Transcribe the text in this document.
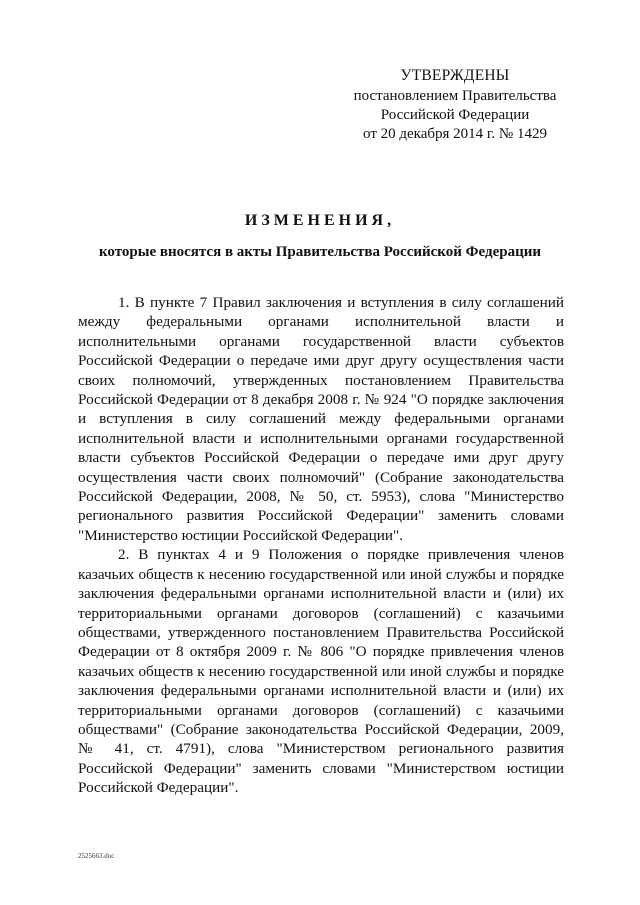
УТВЕРЖДЕНЫ
постановлением Правительства
Российской Федерации
от 20 декабря 2014 г. № 1429
ИЗМЕНЕНИЯ,
которые вносятся в акты Правительства Российской Федерации

1. В пункте 7 Правил заключения и вступления в силу соглашений между федеральными органами исполнительной власти и исполнительными органами государственной власти субъектов Российской Федерации о передаче ими друг другу осуществления части своих полномочий, утвержденных постановлением Правительства Российской Федерации от 8 декабря 2008 г. № 924 "О порядке заключения и вступления в силу соглашений между федеральными органами исполнительной власти и исполнительными органами государственной власти субъектов Российской Федерации о передаче ими друг другу осуществления части своих полномочий" (Собрание законодательства Российской Федерации, 2008, № 50, ст. 5953), слова "Министерство регионального развития Российской Федерации" заменить словами "Министерство юстиции Российской Федерации".

2. В пунктах 4 и 9 Положения о порядке привлечения членов казачьих обществ к несению государственной или иной службы и порядке заключения федеральными органами исполнительной власти и (или) их территориальными органами договоров (соглашений) с казачьими обществами, утвержденного постановлением Правительства Российской Федерации от 8 октября 2009 г. № 806 "О порядке привлечения членов казачьих обществ к несению государственной или иной службы и порядке заключения федеральными органами исполнительной власти и (или) их территориальными органами договоров (соглашений) с казачьими обществами" (Собрание законодательства Российской Федерации, 2009, № 41, ст. 4791), слова "Министерством регионального развития Российской Федерации" заменить словами "Министерством юстиции Российской Федерации".

2525663.doc
